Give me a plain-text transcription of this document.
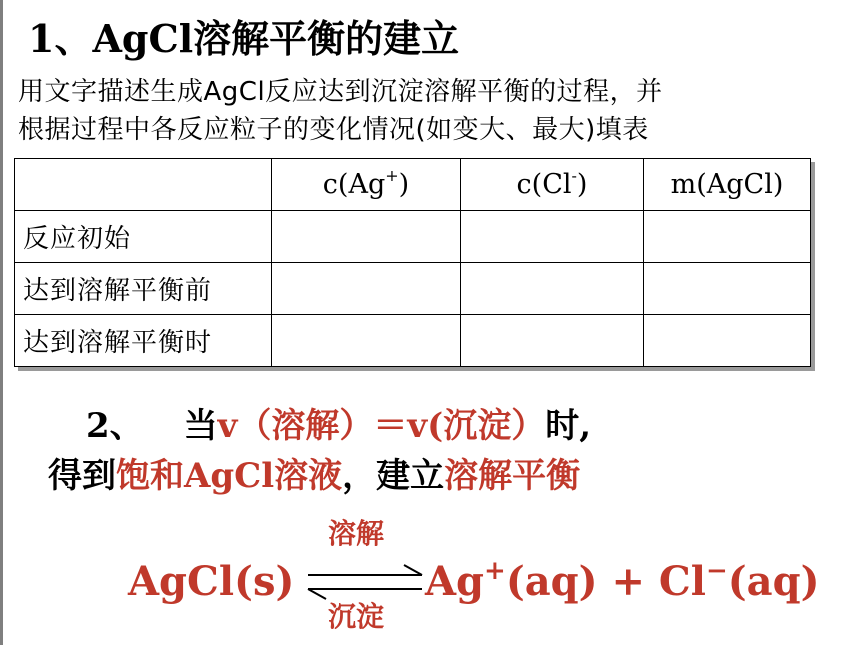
1、AgCl溶解平衡的建立
用文字描述生成AgCl反应达到沉淀溶解平衡的过程，并
根据过程中各反应粒子的变化情况(如变大、最大)填表
	c(Ag+)	c(Cl-)	m(AgCl)
反应初始			
达到溶解平衡前			
达到溶解平衡时			
2、 当v（溶解）＝v(沉淀）时,
得到饱和AgCl溶液，建立溶解平衡
AgCl(s)
溶解
沉淀
Ag+(aq) + Cl−(aq)
